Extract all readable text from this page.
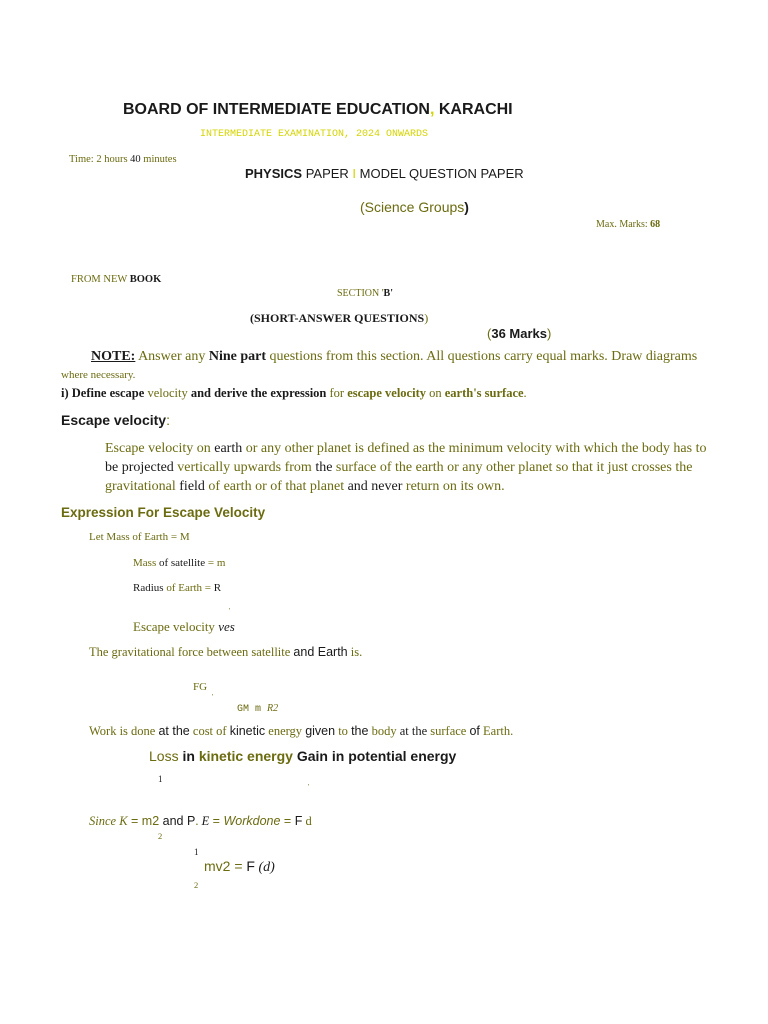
BOARD OF INTERMEDIATE EDUCATION, KARACHI
INTERMEDIATE EXAMINATION, 2024 ONWARDS
Time: 2 hours 40 minutes
PHYSICS PAPER I MODEL QUESTION PAPER
(Science Groups)
Max. Marks: 68
FROM NEW BOOK
SECTION 'B'
(SHORT-ANSWER QUESTIONS)
(36 Marks)
NOTE: Answer any Nine part questions from this section. All questions carry equal marks. Draw diagrams
where necessary.
i) Define escape velocity and derive the expression for escape velocity on earth's surface.
Escape velocity:
Escape velocity on earth or any other planet is defined as the minimum velocity with which the body has to be projected vertically upwards from the surface of the earth or any other planet so that it just crosses the gravitational field of earth or of that planet and never return on its own.
Expression For Escape Velocity
Let Mass of Earth = M
Mass of satellite = m
Radius of Earth = R
'
Escape velocity ves
The gravitational force between satellite and Earth is.
FG
'
GM m R2
Work is done at the cost of kinetic energy given to the body at the surface of Earth.
Loss in kinetic energy Gain in potential energy
1
'
Since K = m2 and P. E = Workdone = F d
2
1
mv2 = F (d)
2
